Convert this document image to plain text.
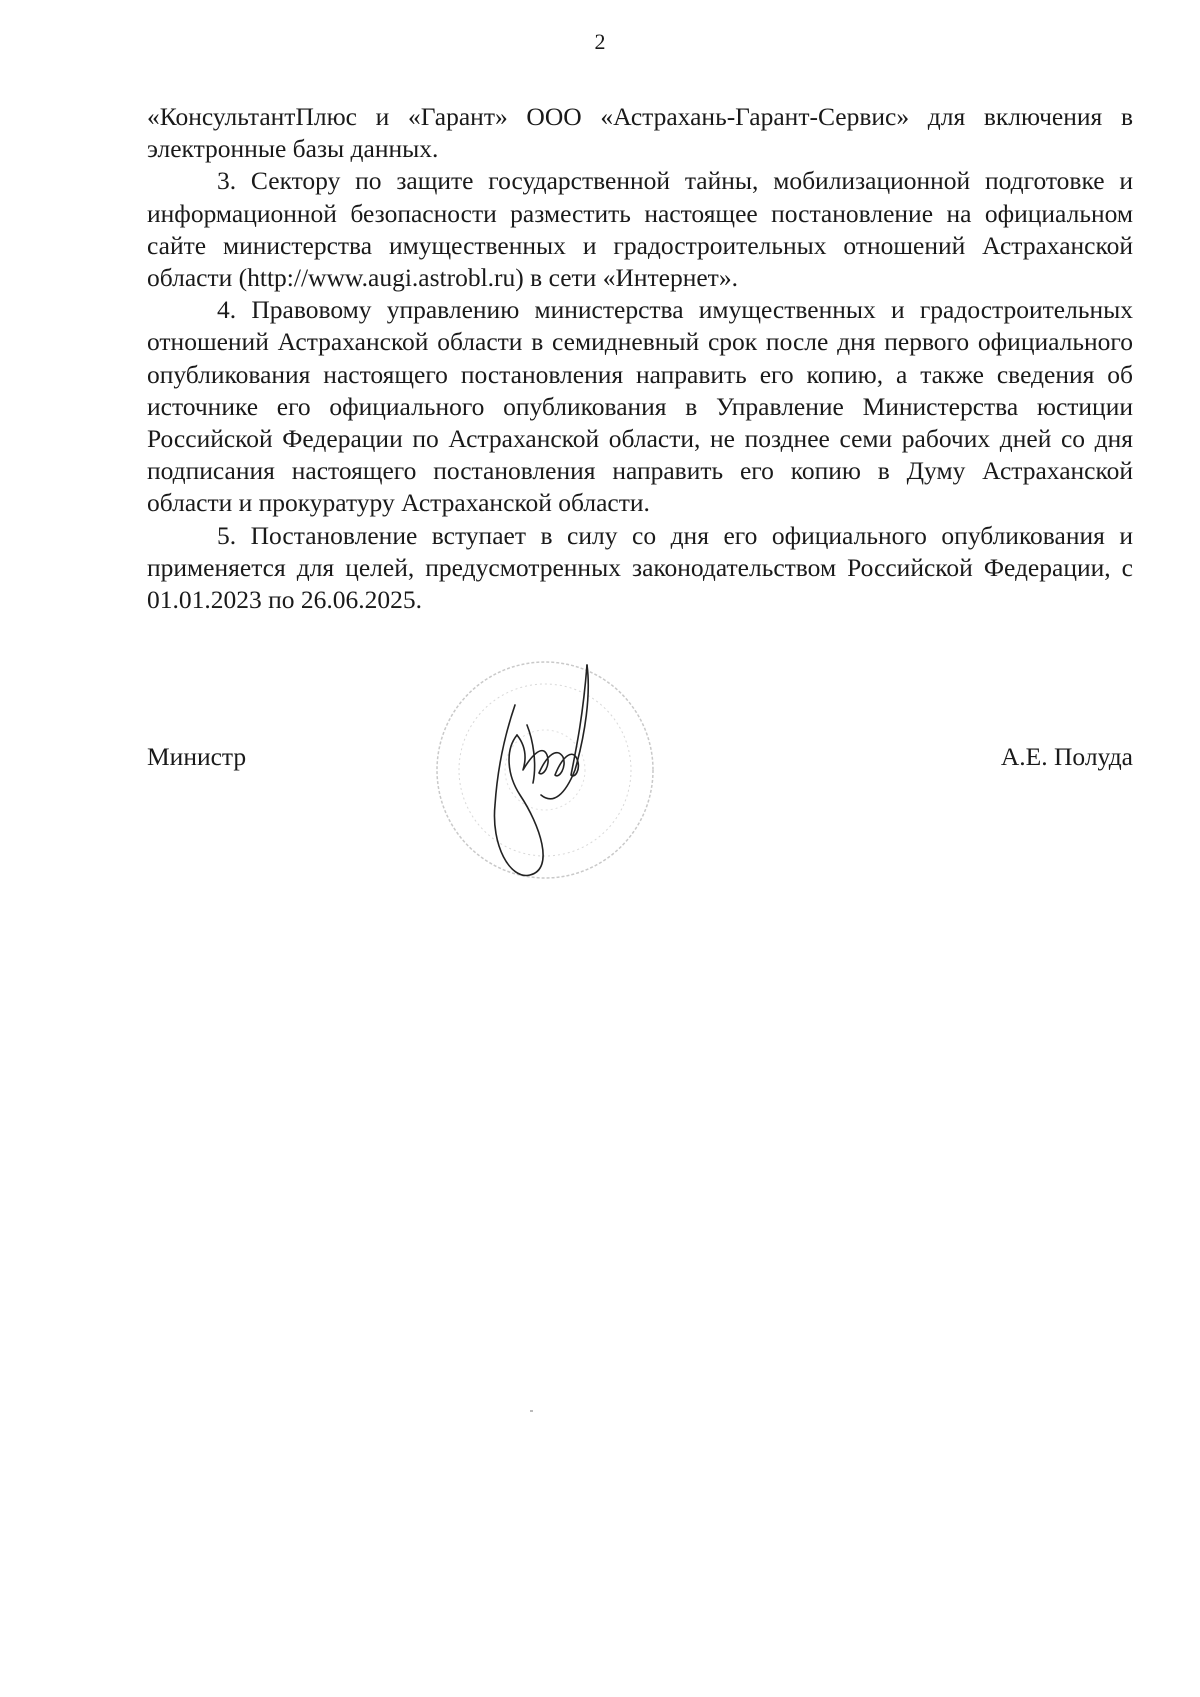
2

«КонсультантПлюс и «Гарант» ООО «Астрахань-Гарант-Сервис» для включения в электронные базы данных.

3. Сектору по защите государственной тайны, мобилизационной подготовке и информационной безопасности разместить настоящее постановление на официальном сайте министерства имущественных и градостроительных отношений Астраханской области (http://www.augi.astrobl.ru) в сети «Интернет».

4. Правовому управлению министерства имущественных и градостроительных отношений Астраханской области в семидневный срок после дня первого официального опубликования настоящего постановления направить его копию, а также сведения об источнике его официального опубликования в Управление Министерства юстиции Российской Федерации по Астраханской области, не позднее семи рабочих дней со дня подписания настоящего постановления направить его копию в Думу Астраханской области и прокуратуру Астраханской области.

5. Постановление вступает в силу со дня его официального опубликования и применяется для целей, предусмотренных законодательством Российской Федерации, с 01.01.2023 по 26.06.2025.

Министр	А.Е. Полуда
